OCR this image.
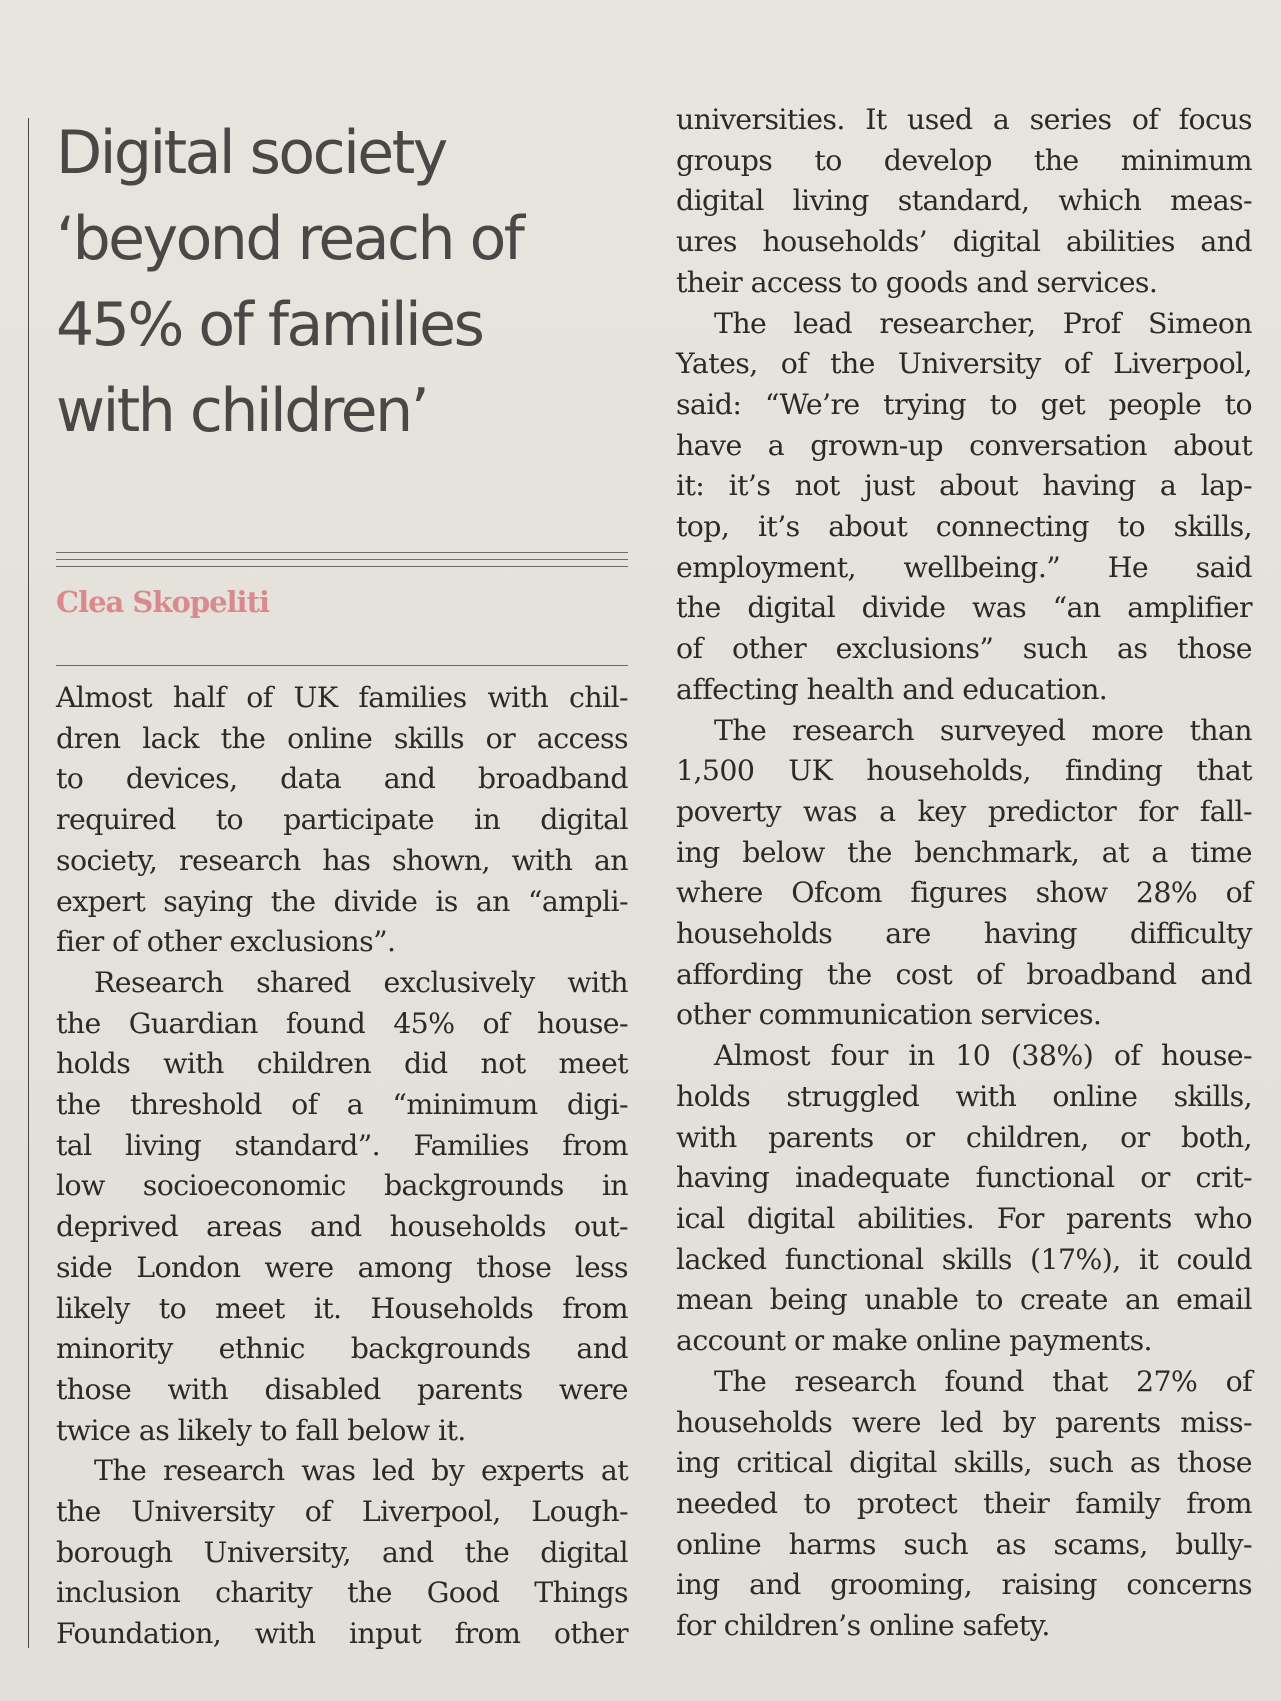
Digital society
‘beyond reach of
45% of families
with children’
Clea Skopeliti

Almost half of UK families with chil-
dren lack the online skills or access
to devices, data and broadband
required to participate in digital
society, research has shown, with an
expert saying the divide is an “ampli-
fier of other exclusions”.

Research shared exclusively with
the Guardian found 45% of house-
holds with children did not meet
the threshold of a “minimum digi-
tal living standard”. Families from
low socioeconomic backgrounds in
deprived areas and households out-
side London were among those less
likely to meet it. Households from
minority ethnic backgrounds and
those with disabled parents were
twice as likely to fall below it.

The research was led by experts at
the University of Liverpool, Lough-
borough University, and the digital
inclusion charity the Good Things
Foundation, with input from other

universities. It used a series of focus
groups to develop the minimum
digital living standard, which meas-
ures households’ digital abilities and
their access to goods and services.

The lead researcher, Prof Simeon
Yates, of the University of Liverpool,
said: “We’re trying to get people to
have a grown-up conversation about
it: it’s not just about having a lap-
top, it’s about connecting to skills,
employment, wellbeing.” He said
the digital divide was “an amplifier
of other exclusions” such as those
affecting health and education.

The research surveyed more than
1,500 UK households, finding that
poverty was a key predictor for fall-
ing below the benchmark, at a time
where Ofcom figures show 28% of
households are having difficulty
affording the cost of broadband and
other communication services.

Almost four in 10 (38%) of house-
holds struggled with online skills,
with parents or children, or both,
having inadequate functional or crit-
ical digital abilities. For parents who
lacked functional skills (17%), it could
mean being unable to create an email
account or make online payments.

The research found that 27% of
households were led by parents miss-
ing critical digital skills, such as those
needed to protect their family from
online harms such as scams, bully-
ing and grooming, raising concerns
for children’s online safety.
